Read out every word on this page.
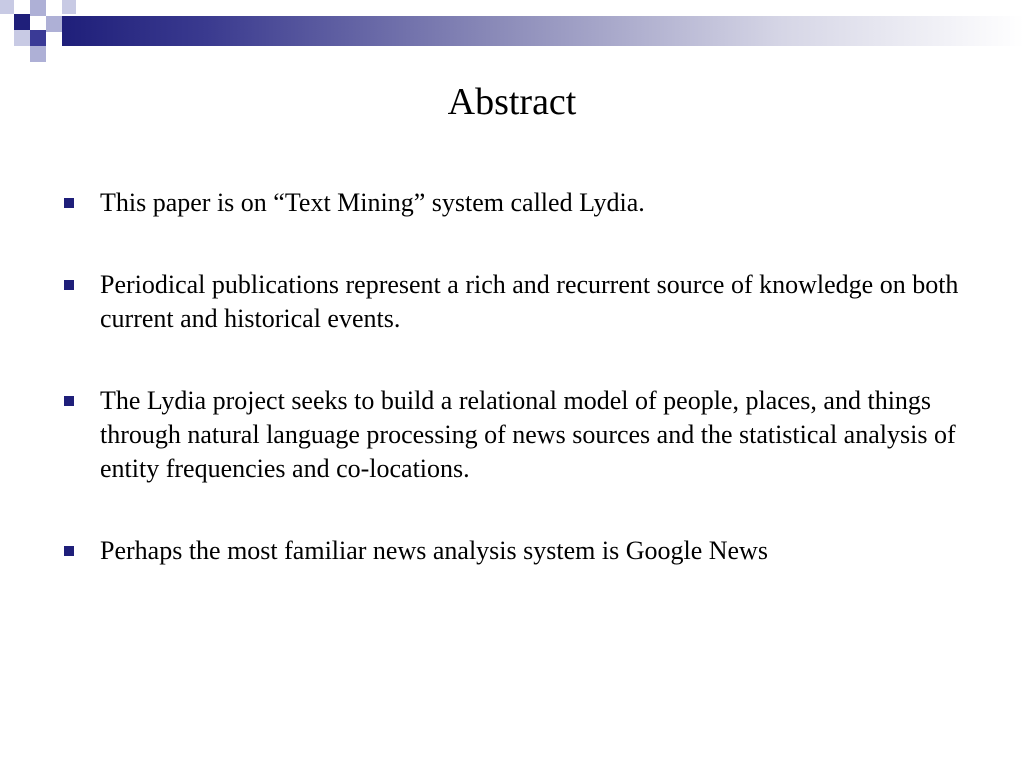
Abstract
This paper is on “Text Mining” system called Lydia.
Periodical publications represent a rich and recurrent source of knowledge on both current and historical events.
The Lydia project seeks to build a relational model of people, places, and things through natural language processing of news sources and the statistical analysis of entity frequencies and co-locations.
Perhaps the most familiar news analysis system is Google News
